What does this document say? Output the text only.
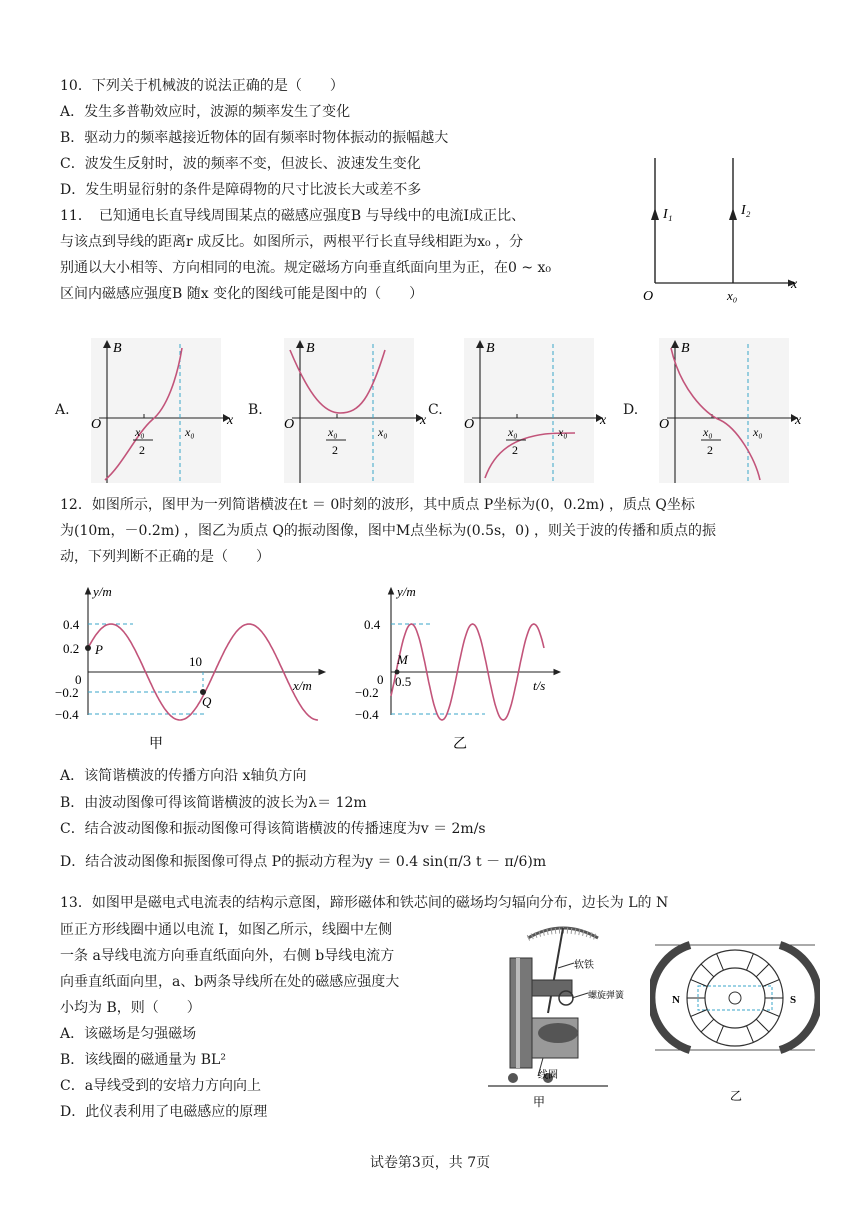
10．下列关于机械波的说法正确的是（　　）
A．发生多普勒效应时，波源的频率发生了变化
B．驱动力的频率越接近物体的固有频率时物体振动的振幅越大
C．波发生反射时，波的频率不变，但波长、波速发生变化
D．发生明显衍射的条件是障碍物的尺寸比波长大或差不多
11．　已知通电长直导线周围某点的磁感应强度B 与导线中的电流I成正比、
与该点到导线的距离r 成反比。如图所示，两根平行长直导线相距为x₀ ，分
别通以大小相等、方向相同的电流。规定磁场方向垂直纸面向里为正，在0 ~ x₀
区间内磁感应强度B 随x 变化的图线可能是图中的（　　）
I₁	I₂
O	x₀
x
A.
B
O	x
x₀
2
x₀
B.
B
O	x
x₀
2
x₀
C.
B
O	x
x₀
2
x₀
D.
B
O	x
x₀
2
x₀
12．如图所示，图甲为一列简谐横波在t ＝ 0时刻的波形，其中质点 P坐标为(0，0.2m) ，质点 Q坐标
为(10m，－0.2m) ，图乙为质点 Q的振动图像，图中M点坐标为(0.5s，0) ，则关于波的传播和质点的振
动，下列判断不正确的是（　　）
y/m
x/m
0.4
0.2
0
−0.2
−0.4
10
P
Q
甲
y/m
t/s
0.4
0
−0.2
−0.4
0.5
M
乙
A．该简谐横波的传播方向沿 x轴负方向
B．由波动图像可得该简谐横波的波长为λ＝ 12m
C．结合波动图像和振动图像可得该简谐横波的传播速度为v ＝ 2m/s
D．结合波动图像和振图像可得点 P的振动方程为y ＝ 0.4 sin(π/3 t － π/6)m
13．如图甲是磁电式电流表的结构示意图，蹄形磁体和铁芯间的磁场均匀辐向分布，边长为 L的 N
匝正方形线圈中通以电流 I，如图乙所示，线圈中左侧
一条 a导线电流方向垂直纸面向外，右侧 b导线电流方
向垂直纸面向里，a、b两条导线所在处的磁感应强度大
小均为 B，则（　　）
A．该磁场是匀强磁场
B．该线圈的磁通量为 BL²
C．a导线受到的安培力方向向上
D．此仪表利用了电磁感应的原理
软铁
螺旋弹簧
线圈
甲
N	S
乙
试卷第3页，共 7页
